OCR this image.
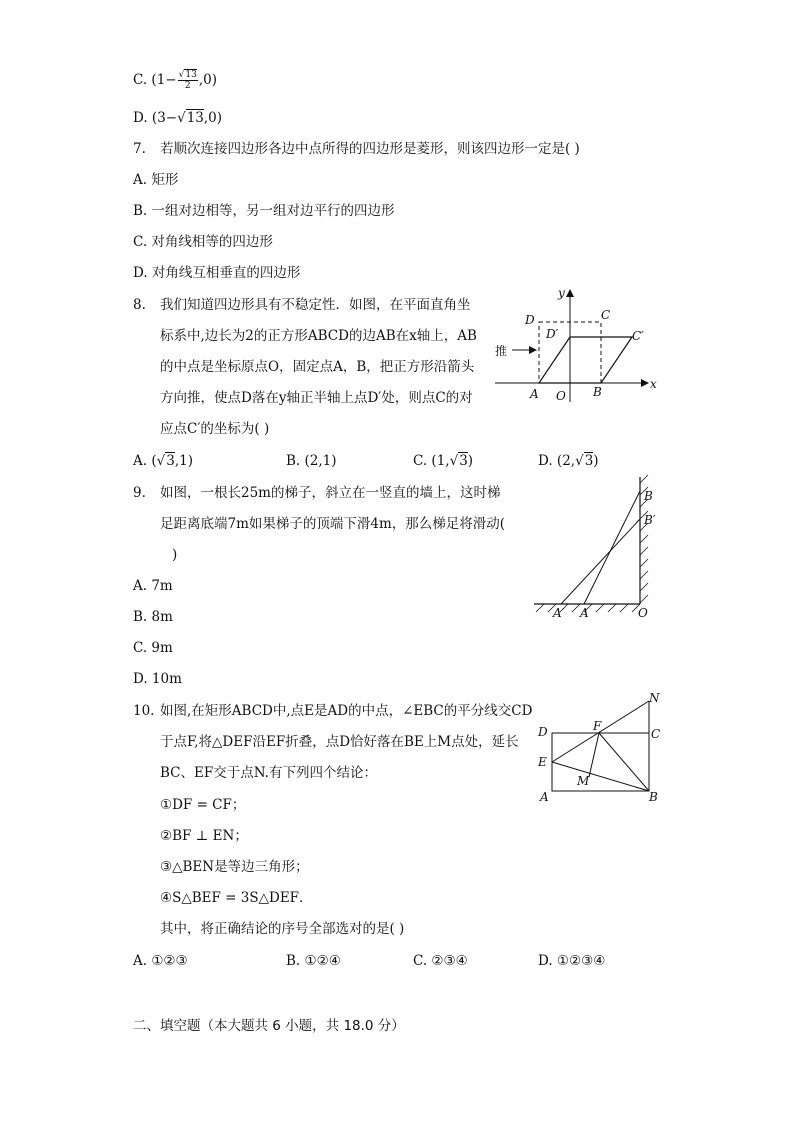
C. $(1- \frac{√13}{2} ,0)$
D. (3−√13,0)
7. 若顺次连接四边形各边中点所得的四边形是菱形，则该四边形一定是( )
A. 矩形
B. 一组对边相等，另一组对边平行的四边形
C. 对角线相等的四边形
D. 对角线互相垂直的四边形
8. 我们知道四边形具有不稳定性．如图，在平面直角坐
标系中,边长为2的正方形ABCD的边AB在x轴上，AB
的中点是坐标原点O，固定点A，B，把正方形沿箭头
方向推，使点D落在y轴正半轴上点D′处，则点C的对
应点C′的坐标为( )
A. (√3,1)	B. (2,1)	C. (1,√3)	D. (2,√3)
y
x
D	C
D′	C′
推
A O B
9. 如图，一根长25m的梯子，斜立在一竖直的墙上，这时梯
足距离底端7m如果梯子的顶端下滑4m，那么梯足将滑动(
)
A. 7m
B. 8m
C. 9m
D. 10m
B
B′
A′ A	O
10. 如图,在矩形ABCD中,点E是AD的中点，∠EBC的平分线交CD
于点F,将△DEF沿EF折叠，点D恰好落在BE上M点处，延长
BC、EF交于点N.有下列四个结论：
①DF = CF；
②BF ⊥ EN；
③△BEN是等边三角形；
④S△BEF = 3S△DEF．
其中，将正确结论的序号全部选对的是( )
A. ①②③	B. ①②④	C. ②③④	D. ①②③④
N
D	F
C
E
M
A	B
二、填空题（本大题共 6 小题，共 18.0 分）
